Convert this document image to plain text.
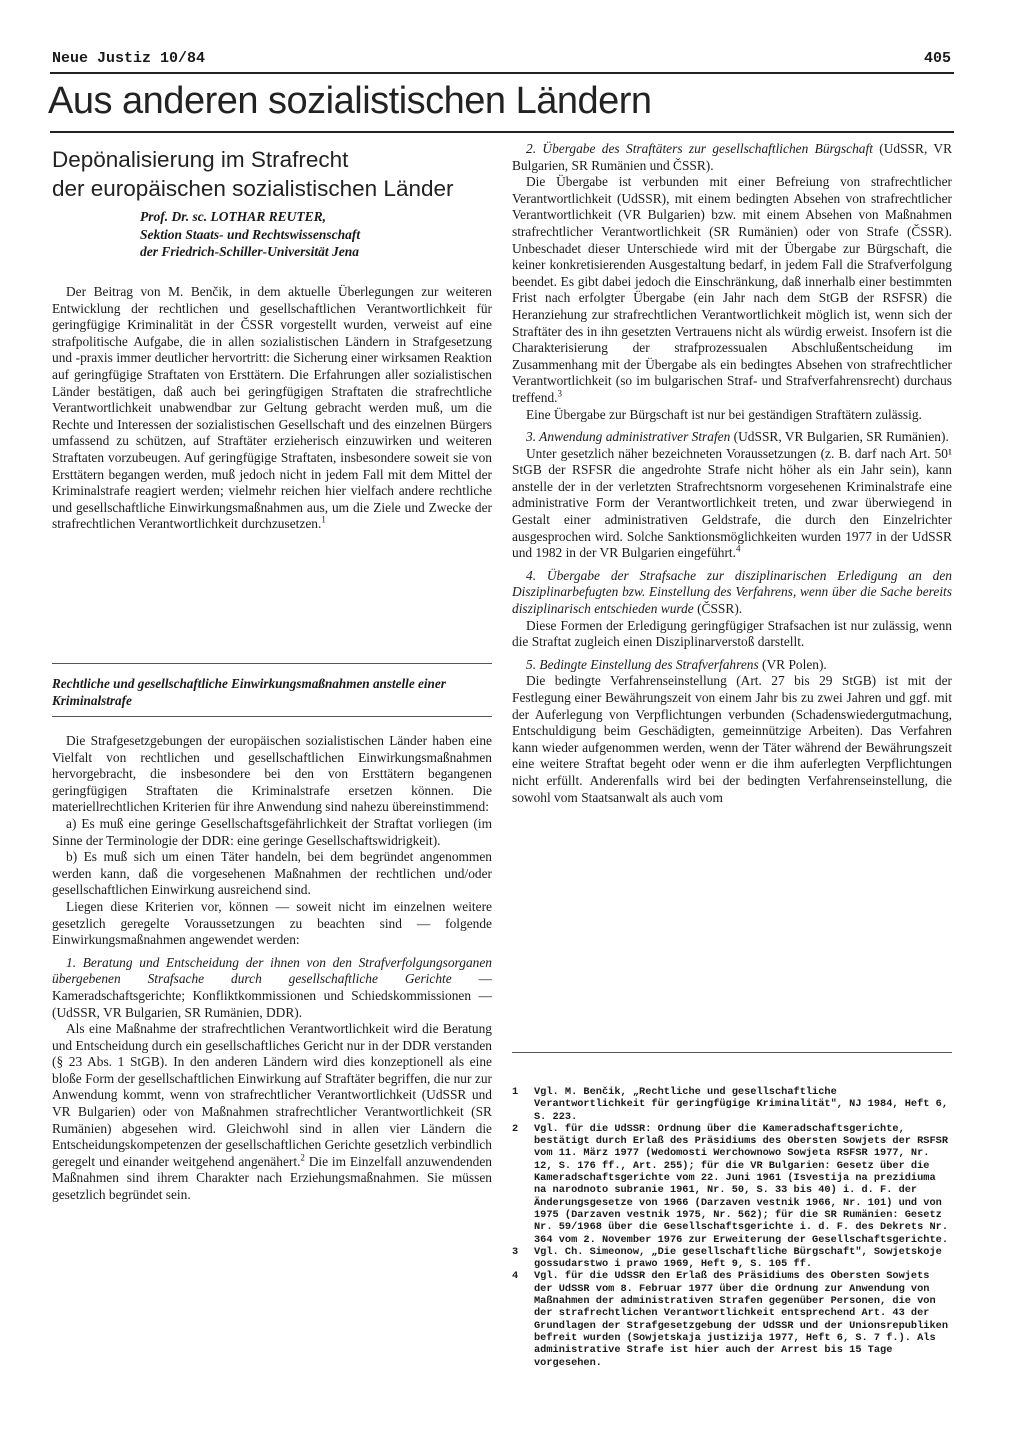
Neue Justiz 10/84	405
Aus anderen sozialistischen Ländern
Depönalisierung im Strafrecht
der europäischen sozialistischen Länder
Prof. Dr. sc. LOTHAR REUTER,
Sektion Staats- und Rechtswissenschaft
der Friedrich-Schiller-Universität Jena

Der Beitrag von M. Benčik, in dem aktuelle Überlegungen zur weiteren Entwicklung der rechtlichen und gesellschaftlichen Verantwortlichkeit für geringfügige Kriminalität in der ČSSR vorgestellt wurden, verweist auf eine strafpolitische Aufgabe, die in allen sozialistischen Ländern in Strafgesetzung und -praxis immer deutlicher hervortritt: die Sicherung einer wirksamen Reaktion auf geringfügige Straftaten von Ersttätern. Die Erfahrungen aller sozialistischen Länder bestätigen, daß auch bei geringfügigen Straftaten die strafrechtliche Verantwortlichkeit unabwendbar zur Geltung gebracht werden muß, um die Rechte und Interessen der sozialistischen Gesellschaft und des einzelnen Bürgers umfassend zu schützen, auf Straftäter erzieherisch einzuwirken und weiteren Straftaten vorzubeugen. Auf geringfügige Straftaten, insbesondere soweit sie von Ersttätern begangen werden, muß jedoch nicht in jedem Fall mit dem Mittel der Kriminalstrafe reagiert werden; vielmehr reichen hier vielfach andere rechtliche und gesellschaftliche Einwirkungsmaßnahmen aus, um die Ziele und Zwecke der strafrechtlichen Verantwortlichkeit durchzusetzen.$^1$

Rechtliche und gesellschaftliche Einwirkungsmaßnahmen anstelle einer Kriminalstrafe

Die Strafgesetzgebungen der europäischen sozialistischen Länder haben eine Vielfalt von rechtlichen und gesellschaftlichen Einwirkungsmaßnahmen hervorgebracht, die insbesondere bei den von Ersttätern begangenen geringfügigen Straftaten die Kriminalstrafe ersetzen können. Die materiellrechtlichen Kriterien für ihre Anwendung sind nahezu übereinstimmend:

a) Es muß eine geringe Gesellschaftsgefährlichkeit der Straftat vorliegen (im Sinne der Terminologie der DDR: eine geringe Gesellschaftswidrigkeit).

b) Es muß sich um einen Täter handeln, bei dem begründet angenommen werden kann, daß die vorgesehenen Maßnahmen der rechtlichen und/oder gesellschaftlichen Einwirkung ausreichend sind.

Liegen diese Kriterien vor, können — soweit nicht im einzelnen weitere gesetzlich geregelte Voraussetzungen zu beachten sind — folgende Einwirkungsmaßnahmen angewendet werden:

1. Beratung und Entscheidung der ihnen von den Strafverfolgungsorganen übergebenen Strafsache durch gesellschaftliche Gerichte — Kameradschaftsgerichte; Konfliktkommissionen und Schiedskommissionen — (UdSSR, VR Bulgarien, SR Rumänien, DDR).

Als eine Maßnahme der strafrechtlichen Verantwortlichkeit wird die Beratung und Entscheidung durch ein gesellschaftliches Gericht nur in der DDR verstanden (§ 23 Abs. 1 StGB). In den anderen Ländern wird dies konzeptionell als eine bloße Form der gesellschaftlichen Einwirkung auf Straftäter begriffen, die nur zur Anwendung kommt, wenn von strafrechtlicher Verantwortlichkeit (UdSSR und VR Bulgarien) oder von Maßnahmen strafrechtlicher Verantwortlichkeit (SR Rumänien) abgesehen wird. Gleichwohl sind in allen vier Ländern die Entscheidungskompetenzen der gesellschaftlichen Gerichte gesetzlich verbindlich geregelt und einander weitgehend angenähert.$^2$ Die im Einzelfall anzuwendenden Maßnahmen sind ihrem Charakter nach Erziehungsmaßnahmen. Sie müssen gesetzlich begründet sein.

2. Übergabe des Straftäters zur gesellschaftlichen Bürgschaft (UdSSR, VR Bulgarien, SR Rumänien und ČSSR).

Die Übergabe ist verbunden mit einer Befreiung von strafrechtlicher Verantwortlichkeit (UdSSR), mit einem bedingten Absehen von strafrechtlicher Verantwortlichkeit (VR Bulgarien) bzw. mit einem Absehen von Maßnahmen strafrechtlicher Verantwortlichkeit (SR Rumänien) oder von Strafe (ČSSR). Unbeschadet dieser Unterschiede wird mit der Übergabe zur Bürgschaft, die keiner konkretisierenden Ausgestaltung bedarf, in jedem Fall die Strafverfolgung beendet. Es gibt dabei jedoch die Einschränkung, daß innerhalb einer bestimmten Frist nach erfolgter Übergabe (ein Jahr nach dem StGB der RSFSR) die Heranziehung zur strafrechtlichen Verantwortlichkeit möglich ist, wenn sich der Straftäter des in ihn gesetzten Vertrauens nicht als würdig erweist. Insofern ist die Charakterisierung der strafprozessualen Abschlußentscheidung im Zusammenhang mit der Übergabe als ein bedingtes Absehen von strafrechtlicher Verantwortlichkeit (so im bulgarischen Straf- und Strafverfahrensrecht) durchaus treffend.$^3$

Eine Übergabe zur Bürgschaft ist nur bei geständigen Straftätern zulässig.

3. Anwendung administrativer Strafen (UdSSR, VR Bulgarien, SR Rumänien).

Unter gesetzlich näher bezeichneten Voraussetzungen (z. B. darf nach Art. 50¹ StGB der RSFSR die angedrohte Strafe nicht höher als ein Jahr sein), kann anstelle der in der verletzten Strafrechtsnorm vorgesehenen Kriminalstrafe eine administrative Form der Verantwortlichkeit treten, und zwar überwiegend in Gestalt einer administrativen Geldstrafe, die durch den Einzelrichter ausgesprochen wird. Solche Sanktionsmöglichkeiten wurden 1977 in der UdSSR und 1982 in der VR Bulgarien eingeführt.$^4$

4. Übergabe der Strafsache zur disziplinarischen Erledigung an den Disziplinarbefugten bzw. Einstellung des Verfahrens, wenn über die Sache bereits disziplinarisch entschieden wurde (ČSSR).

Diese Formen der Erledigung geringfügiger Strafsachen ist nur zulässig, wenn die Straftat zugleich einen Disziplinarverstoß darstellt.

5. Bedingte Einstellung des Strafverfahrens (VR Polen).

Die bedingte Verfahrenseinstellung (Art. 27 bis 29 StGB) ist mit der Festlegung einer Bewährungszeit von einem Jahr bis zu zwei Jahren und ggf. mit der Auferlegung von Verpflichtungen verbunden (Schadenswiedergutmachung, Entschuldigung beim Geschädigten, gemeinnützige Arbeiten). Das Verfahren kann wieder aufgenommen werden, wenn der Täter während der Bewährungszeit eine weitere Straftat begeht oder wenn er die ihm auferlegten Verpflichtungen nicht erfüllt. Anderenfalls wird bei der bedingten Verfahrenseinstellung, die sowohl vom Staatsanwalt als auch vom

1	Vgl. M. Benčik, „Rechtliche und gesellschaftliche Verantwortlichkeit für geringfügige Kriminalität", NJ 1984, Heft 6, S. 223.
2	Vgl. für die UdSSR: Ordnung über die Kameradschaftsgerichte, bestätigt durch Erlaß des Präsidiums des Obersten Sowjets der RSFSR vom 11. März 1977 (Wedomosti Werchownowo Sowjeta RSFSR 1977, Nr. 12, S. 176 ff., Art. 255); für die VR Bulgarien: Gesetz über die Kameradschaftsgerichte vom 22. Juni 1961 (Isvestija na prezidiuma na narodnoto subranie 1961, Nr. 50, S. 33 bis 40) i. d. F. der Änderungsgesetze von 1966 (Darzaven vestnik 1966, Nr. 101) und von 1975 (Darzaven vestnik 1975, Nr. 562); für die SR Rumänien: Gesetz Nr. 59/1968 über die Gesellschaftsgerichte i. d. F. des Dekrets Nr. 364 vom 2. November 1976 zur Erweiterung der Gesellschaftsgerichte.
3	Vgl. Ch. Simeonow, „Die gesellschaftliche Bürgschaft", Sowjetskoje gossudarstwo i prawo 1969, Heft 9, S. 105 ff.
4	Vgl. für die UdSSR den Erlaß des Präsidiums des Obersten Sowjets der UdSSR vom 8. Februar 1977 über die Ordnung zur Anwendung von Maßnahmen der administrativen Strafen gegenüber Personen, die von der strafrechtlichen Verantwortlichkeit entsprechend Art. 43 der Grundlagen der Strafgesetzgebung der UdSSR und der Unionsrepubliken befreit wurden (Sowjetskaja justizija 1977, Heft 6, S. 7 f.). Als administrative Strafe ist hier auch der Arrest bis 15 Tage vorgesehen.
